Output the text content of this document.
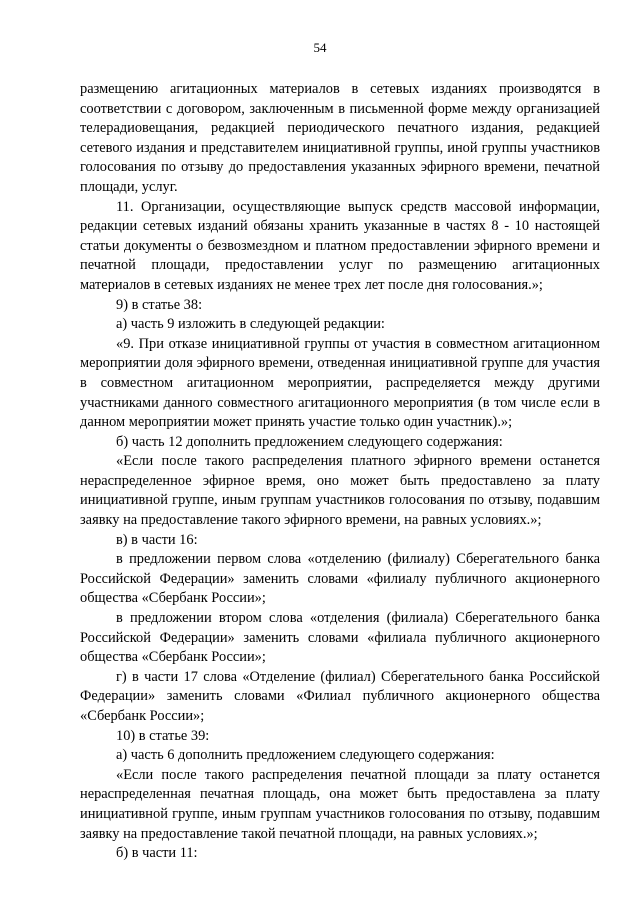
54

размещению агитационных материалов в сетевых изданиях производятся в соответствии с договором, заключенным в письменной форме между организацией телерадиовещания, редакцией периодического печатного издания, редакцией сетевого издания и представителем инициативной группы, иной группы участников голосования по отзыву до предоставления указанных эфирного времени, печатной площади, услуг.

11. Организации, осуществляющие выпуск средств массовой информации, редакции сетевых изданий обязаны хранить указанные в частях 8 - 10 настоящей статьи документы о безвозмездном и платном предоставлении эфирного времени и печатной площади, предоставлении услуг по размещению агитационных материалов в сетевых изданиях не менее трех лет после дня голосования.»;

9) в статье 38:

а) часть 9 изложить в следующей редакции:

«9. При отказе инициативной группы от участия в совместном агитационном мероприятии доля эфирного времени, отведенная инициативной группе для участия в совместном агитационном мероприятии, распределяется между другими участниками данного совместного агитационного мероприятия (в том числе если в данном мероприятии может принять участие только один участник).»;

б) часть 12 дополнить предложением следующего содержания:

«Если после такого распределения платного эфирного времени останется нераспределенное эфирное время, оно может быть предоставлено за плату инициативной группе, иным группам участников голосования по отзыву, подавшим заявку на предоставление такого эфирного времени, на равных условиях.»;

в) в части 16:

в предложении первом слова «отделению (филиалу) Сберегательного банка Российской Федерации» заменить словами «филиалу публичного акционерного общества «Сбербанк России»;

в предложении втором слова «отделения (филиала) Сберегательного банка Российской Федерации» заменить словами «филиала публичного акционерного общества «Сбербанк России»;

г) в части 17 слова «Отделение (филиал) Сберегательного банка Российской Федерации» заменить словами «Филиал публичного акционерного общества «Сбербанк России»;

10) в статье 39:

а) часть 6 дополнить предложением следующего содержания:

«Если после такого распределения печатной площади за плату останется нераспределенная печатная площадь, она может быть предоставлена за плату инициативной группе, иным группам участников голосования по отзыву, подавшим заявку на предоставление такой печатной площади, на равных условиях.»;

б) в части 11:
